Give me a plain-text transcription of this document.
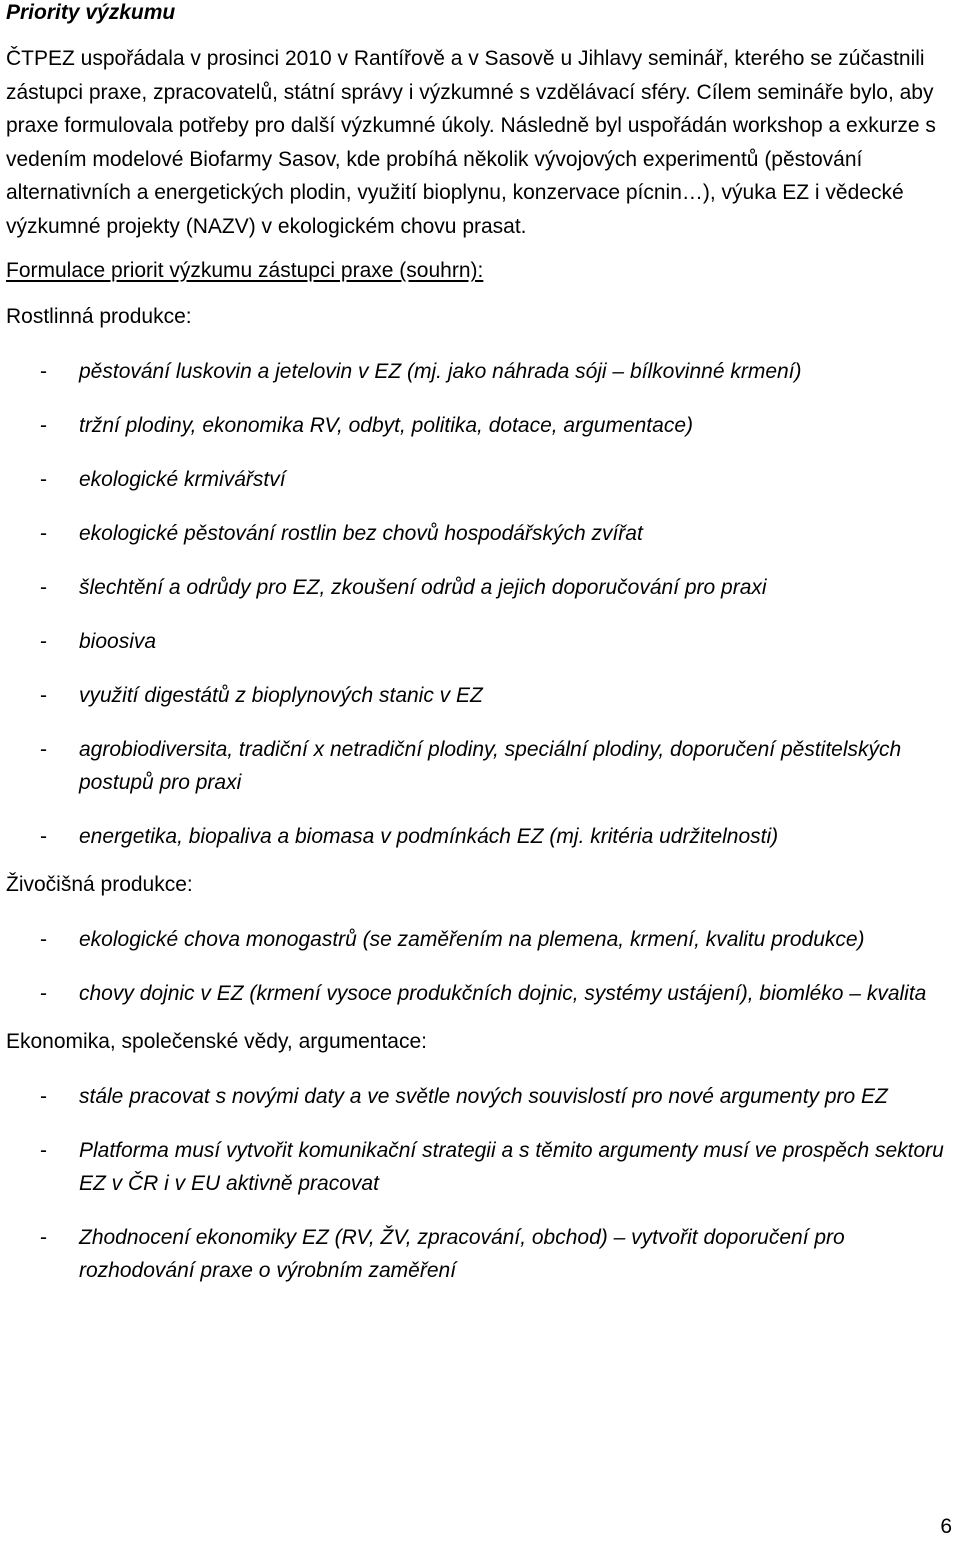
Priority výzkumu

ČTPEZ uspořádala v prosinci 2010 v Rantířově a v Sasově u Jihlavy seminář, kterého se zúčastnili zástupci praxe, zpracovatelů, státní správy i výzkumné s vzdělávací sféry. Cílem semináře bylo, aby praxe formulovala potřeby pro další výzkumné úkoly. Následně byl uspořádán workshop a exkurze s vedením modelové Biofarmy Sasov, kde probíhá několik vývojových experimentů (pěstování alternativních a energetických plodin, využití bioplynu, konzervace pícnin…), výuka EZ i vědecké výzkumné projekty (NAZV) v ekologickém chovu prasat.

Formulace priorit výzkumu zástupci praxe (souhrn):

Rostlinná produkce:

- pěstování luskovin a jetelovin v EZ (mj. jako náhrada sóji – bílkovinné krmení)
- tržní plodiny, ekonomika RV, odbyt, politika, dotace, argumentace)
- ekologické krmivářství
- ekologické pěstování rostlin bez chovů hospodářských zvířat
- šlechtění a odrůdy pro EZ, zkoušení odrůd a jejich doporučování pro praxi
- bioosiva
- využití digestátů z bioplynových stanic v EZ
- agrobiodiversita, tradiční x netradiční plodiny, speciální plodiny, doporučení pěstitelských postupů pro praxi
- energetika, biopaliva a biomasa v podmínkách EZ (mj. kritéria udržitelnosti)

Živočišná produkce:

- ekologické chova monogastrů (se zaměřením na plemena, krmení, kvalitu produkce)
- chovy dojnic v EZ (krmení vysoce produkčních dojnic, systémy ustájení), biomléko – kvalita

Ekonomika, společenské vědy, argumentace:

- stále pracovat s novými daty a ve světle nových souvislostí pro nové argumenty pro EZ
- Platforma musí vytvořit komunikační strategii a s těmito argumenty musí ve prospěch sektoru EZ v ČR i v EU aktivně pracovat
- Zhodnocení ekonomiky EZ (RV, ŽV, zpracování, obchod) – vytvořit doporučení pro rozhodování praxe o výrobním zaměření
6
